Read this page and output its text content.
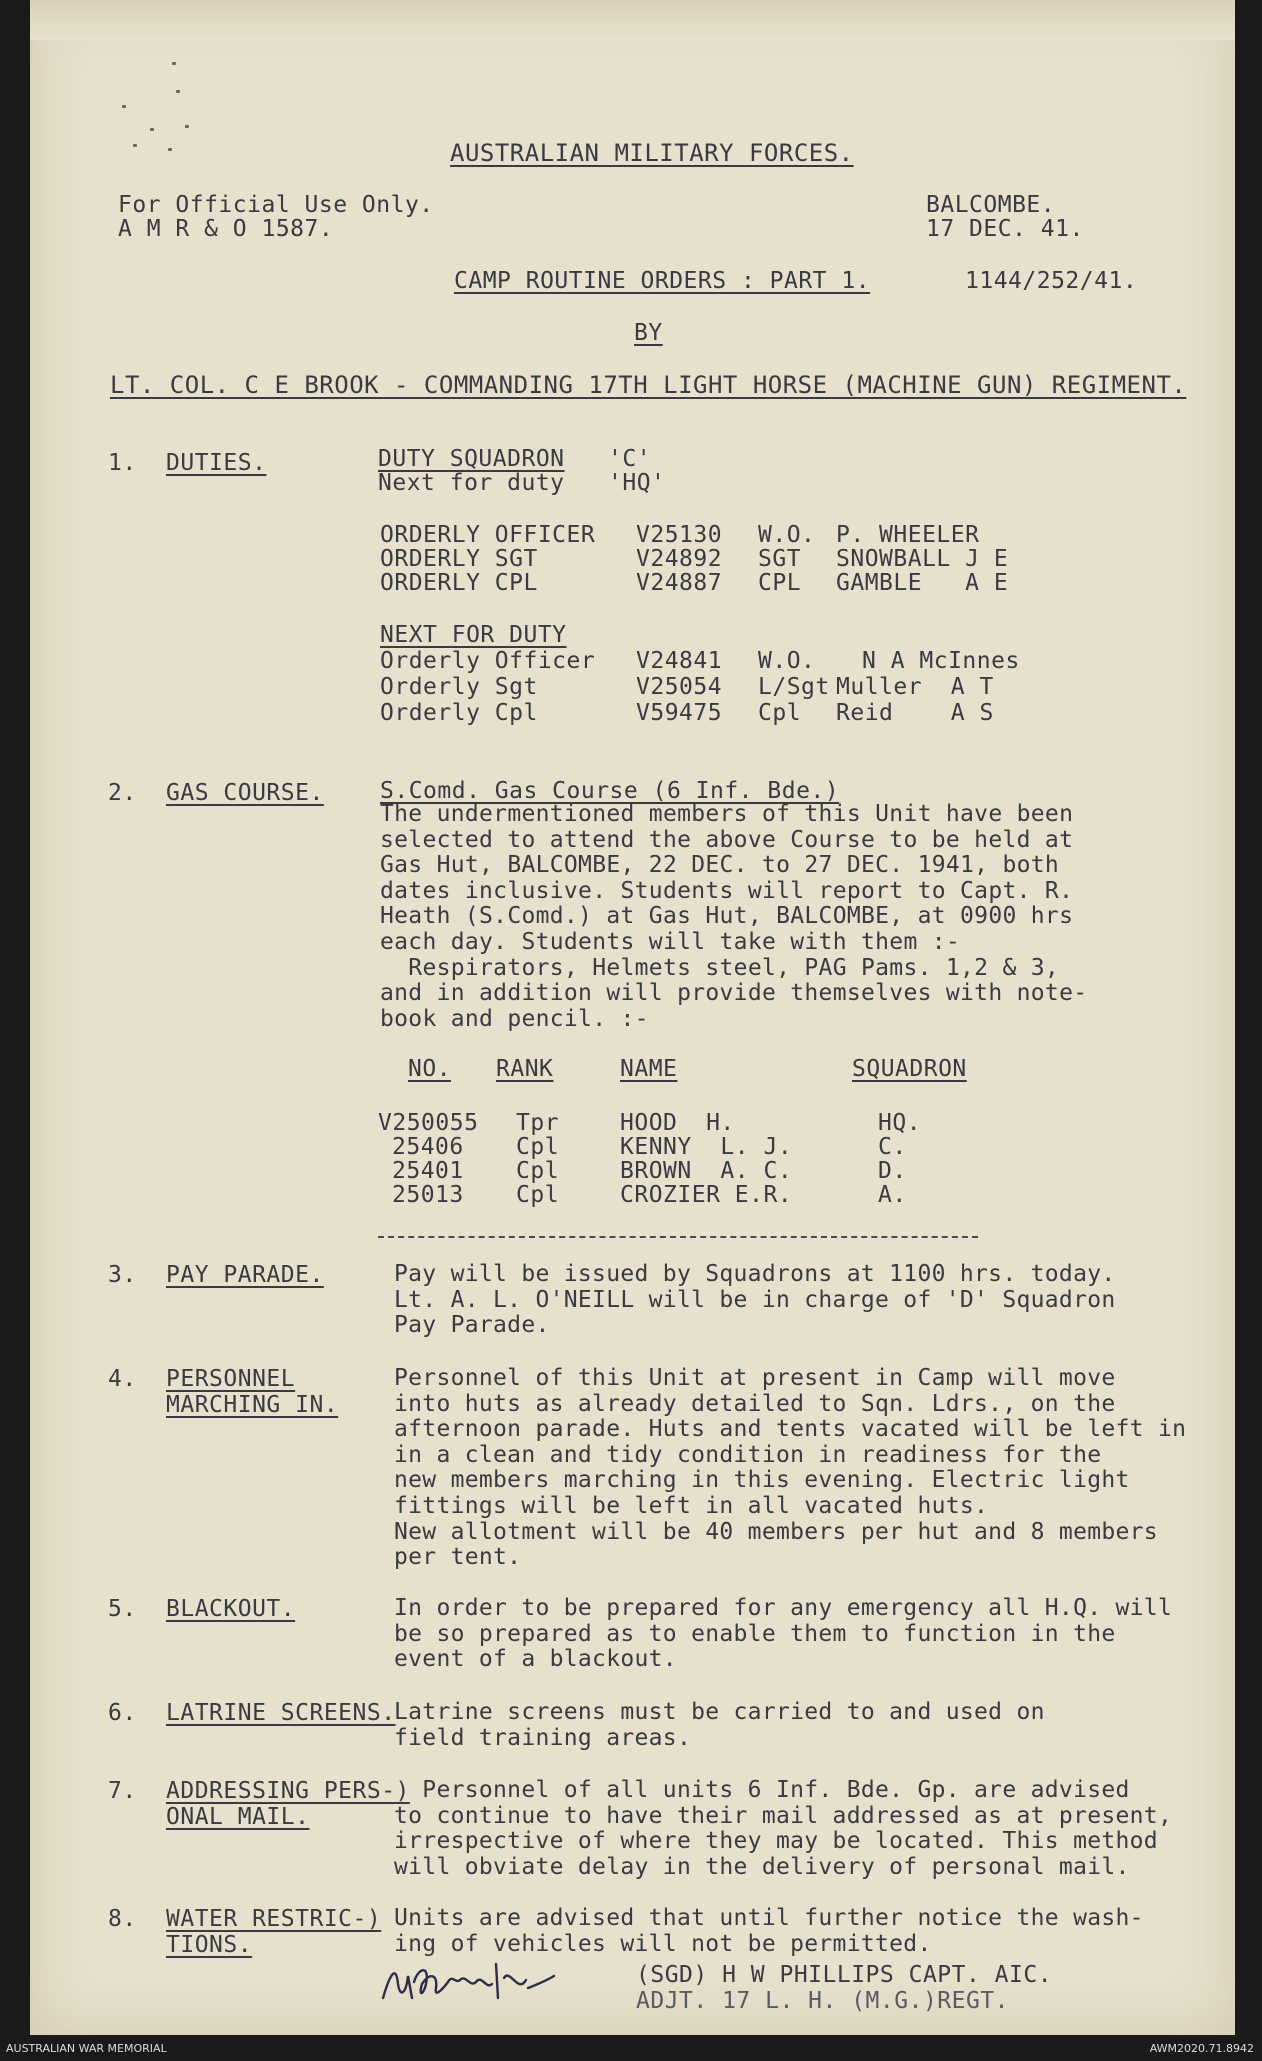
AUSTRALIAN MILITARY FORCES.
For Official Use Only.
A M R & O 1587.
BALCOMBE.
17 DEC. 41.
CAMP ROUTINE ORDERS : PART 1.	1144/252/41.
BY
LT. COL. C E BROOK - COMMANDING 17TH LIGHT HORSE (MACHINE GUN) REGIMENT.
1. DUTIES.	DUTY SQUADRON 'C'
Next for duty 'HQ'
ORDERLY OFFICER V25130 W.O. P. WHEELER
ORDERLY SGT	V24892 SGT SNOWBALL J E
ORDERLY CPL	V24887 CPL GAMBLE   A E
NEXT FOR DUTY
Orderly Officer V24841 W.O. N A McInnes
Orderly Sgt	V25054 L/Sgt Muller  A T
Orderly Cpl	V59475 Cpl Reid    A S
2. GAS COURSE. S.Comd. Gas Course (6 Inf. Bde.)
The undermentioned members of this Unit have been
selected to attend the above Course to be held at
Gas Hut, BALCOMBE, 22 DEC. to 27 DEC. 1941, both
dates inclusive. Students will report to Capt. R.
Heath (S.Comd.) at Gas Hut, BALCOMBE, at 0900 hrs
each day. Students will take with them :-
Respirators, Helmets steel, PAG Pams. 1,2 & 3,
and in addition will provide themselves with note-
book and pencil. :-
NO. RANK	NAME	SQUADRON
V250055 Tpr	HOOD  H.	HQ.
25406 Cpl	KENNY  L. J.	C.
25401 Cpl	BROWN  A. C.	D.
25013 Cpl	CROZIER E.R.	A.
3. PAY PARADE.	Pay will be issued by Squadrons at 1100 hrs. today.
Lt. A. L. O'NEILL will be in charge of 'D' Squadron
Pay Parade.
4. PERSONNEL
MARCHING IN.
Personnel of this Unit at present in Camp will move
into huts as already detailed to Sqn. Ldrs., on the
afternoon parade. Huts and tents vacated will be left in
in a clean and tidy condition in readiness for the
new members marching in this evening. Electric light
fittings will be left in all vacated huts.
New allotment will be 40 members per hut and 8 members
per tent.
5. BLACKOUT.	In order to be prepared for any emergency all H.Q. will
be so prepared as to enable them to function in the
event of a blackout.
6. LATRINE SCREENS.
Latrine screens must be carried to and used on
field training areas.
7. ADDRESSING PERS-)
ONAL MAIL.
Personnel of all units 6 Inf. Bde. Gp. are advised
to continue to have their mail addressed as at present,
irrespective of where they may be located. This method
will obviate delay in the delivery of personal mail.
8. WATER RESTRIC-)
TIONS.
Units are advised that until further notice the wash-
ing of vehicles will not be permitted.
(SGD) H W PHILLIPS CAPT. AIC.
ADJT. 17 L. H. (M.G.)REGT.
AUSTRALIAN WAR MEMORIAL	AWM2020.71.8942
